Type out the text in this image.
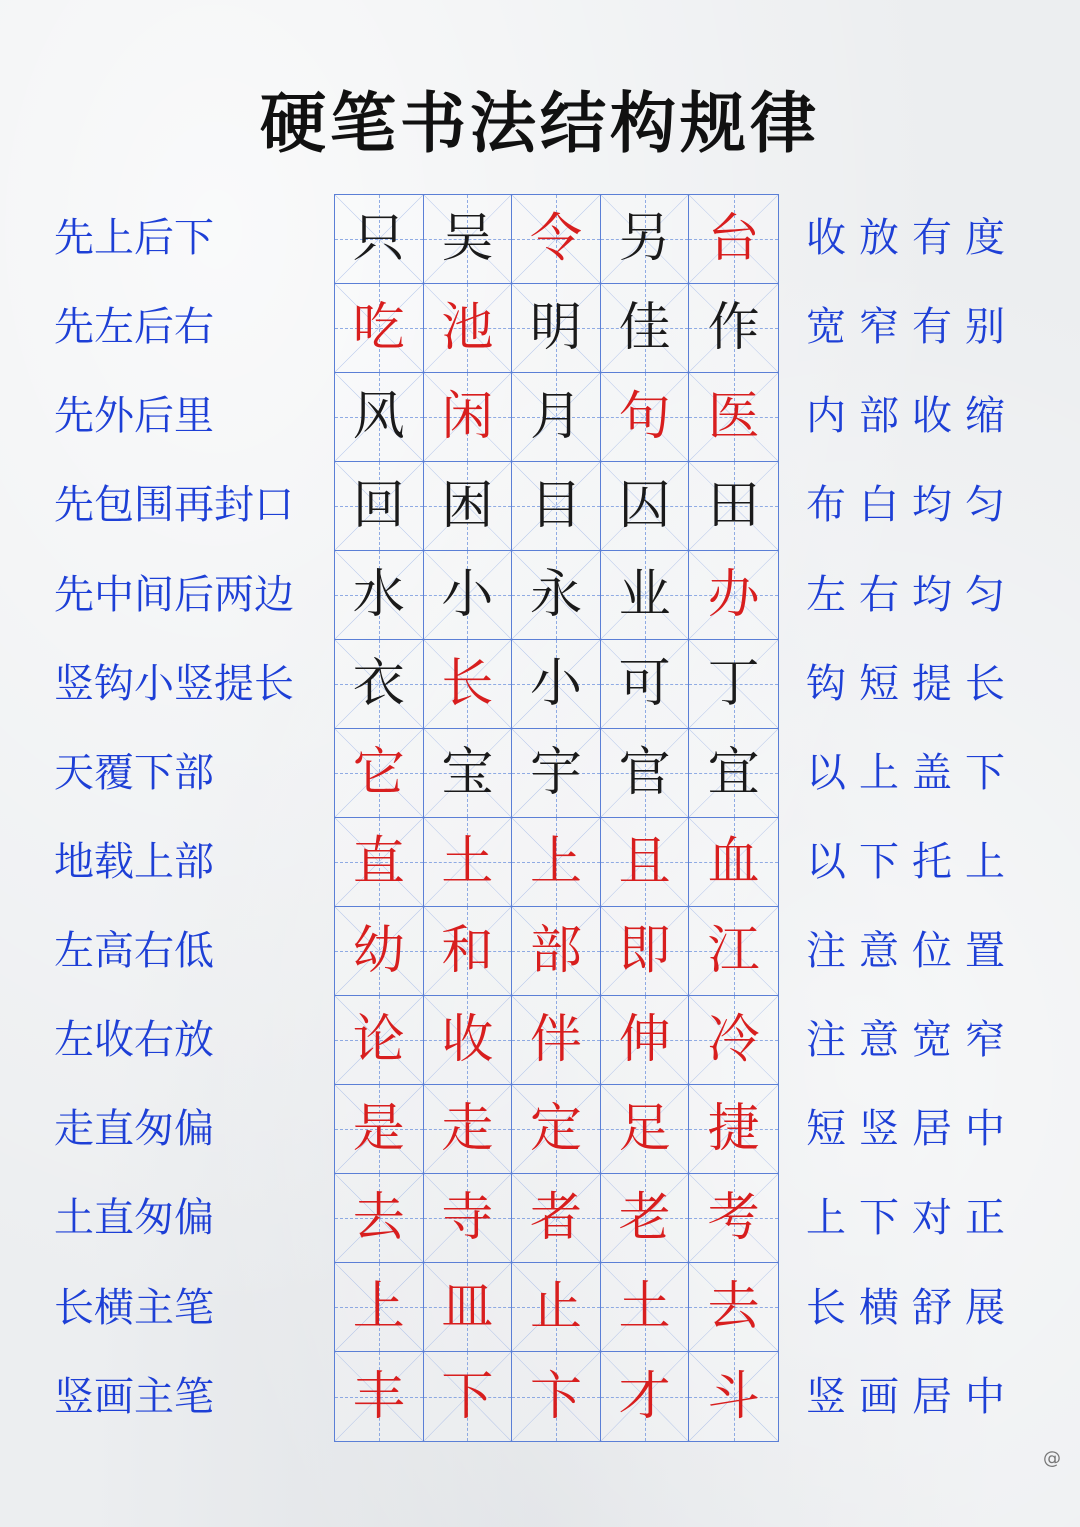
硬笔书法结构规律
先上后下
先左后右
先外后里
先包围再封口
先中间后两边
竖钩小竖提长
天覆下部
地载上部
左高右低
左收右放
走直匆偏
土直匆偏
长横主笔
竖画主笔
只 吴 令 另 台
吃 池 明 佳 作
风 闲 月 句 医
回 困 目 囚 田
水 小 永 业 办
衣 长 小 可 丁
它 宝 宇 官 宜
直 土 上 且 血
幼 和 部 即 江
论 收 伴 伸 冷
是 走 定 足 捷
去 寺 者 老 考
上 皿 止 土 去
丰 下 卞 才 斗
收放有度
宽窄有别
内部收缩
布白均匀
左右均匀
钩短提长
以上盖下
以下托上
注意位置
注意宽窄
短竖居中
上下对正
长横舒展
竖画居中
@
